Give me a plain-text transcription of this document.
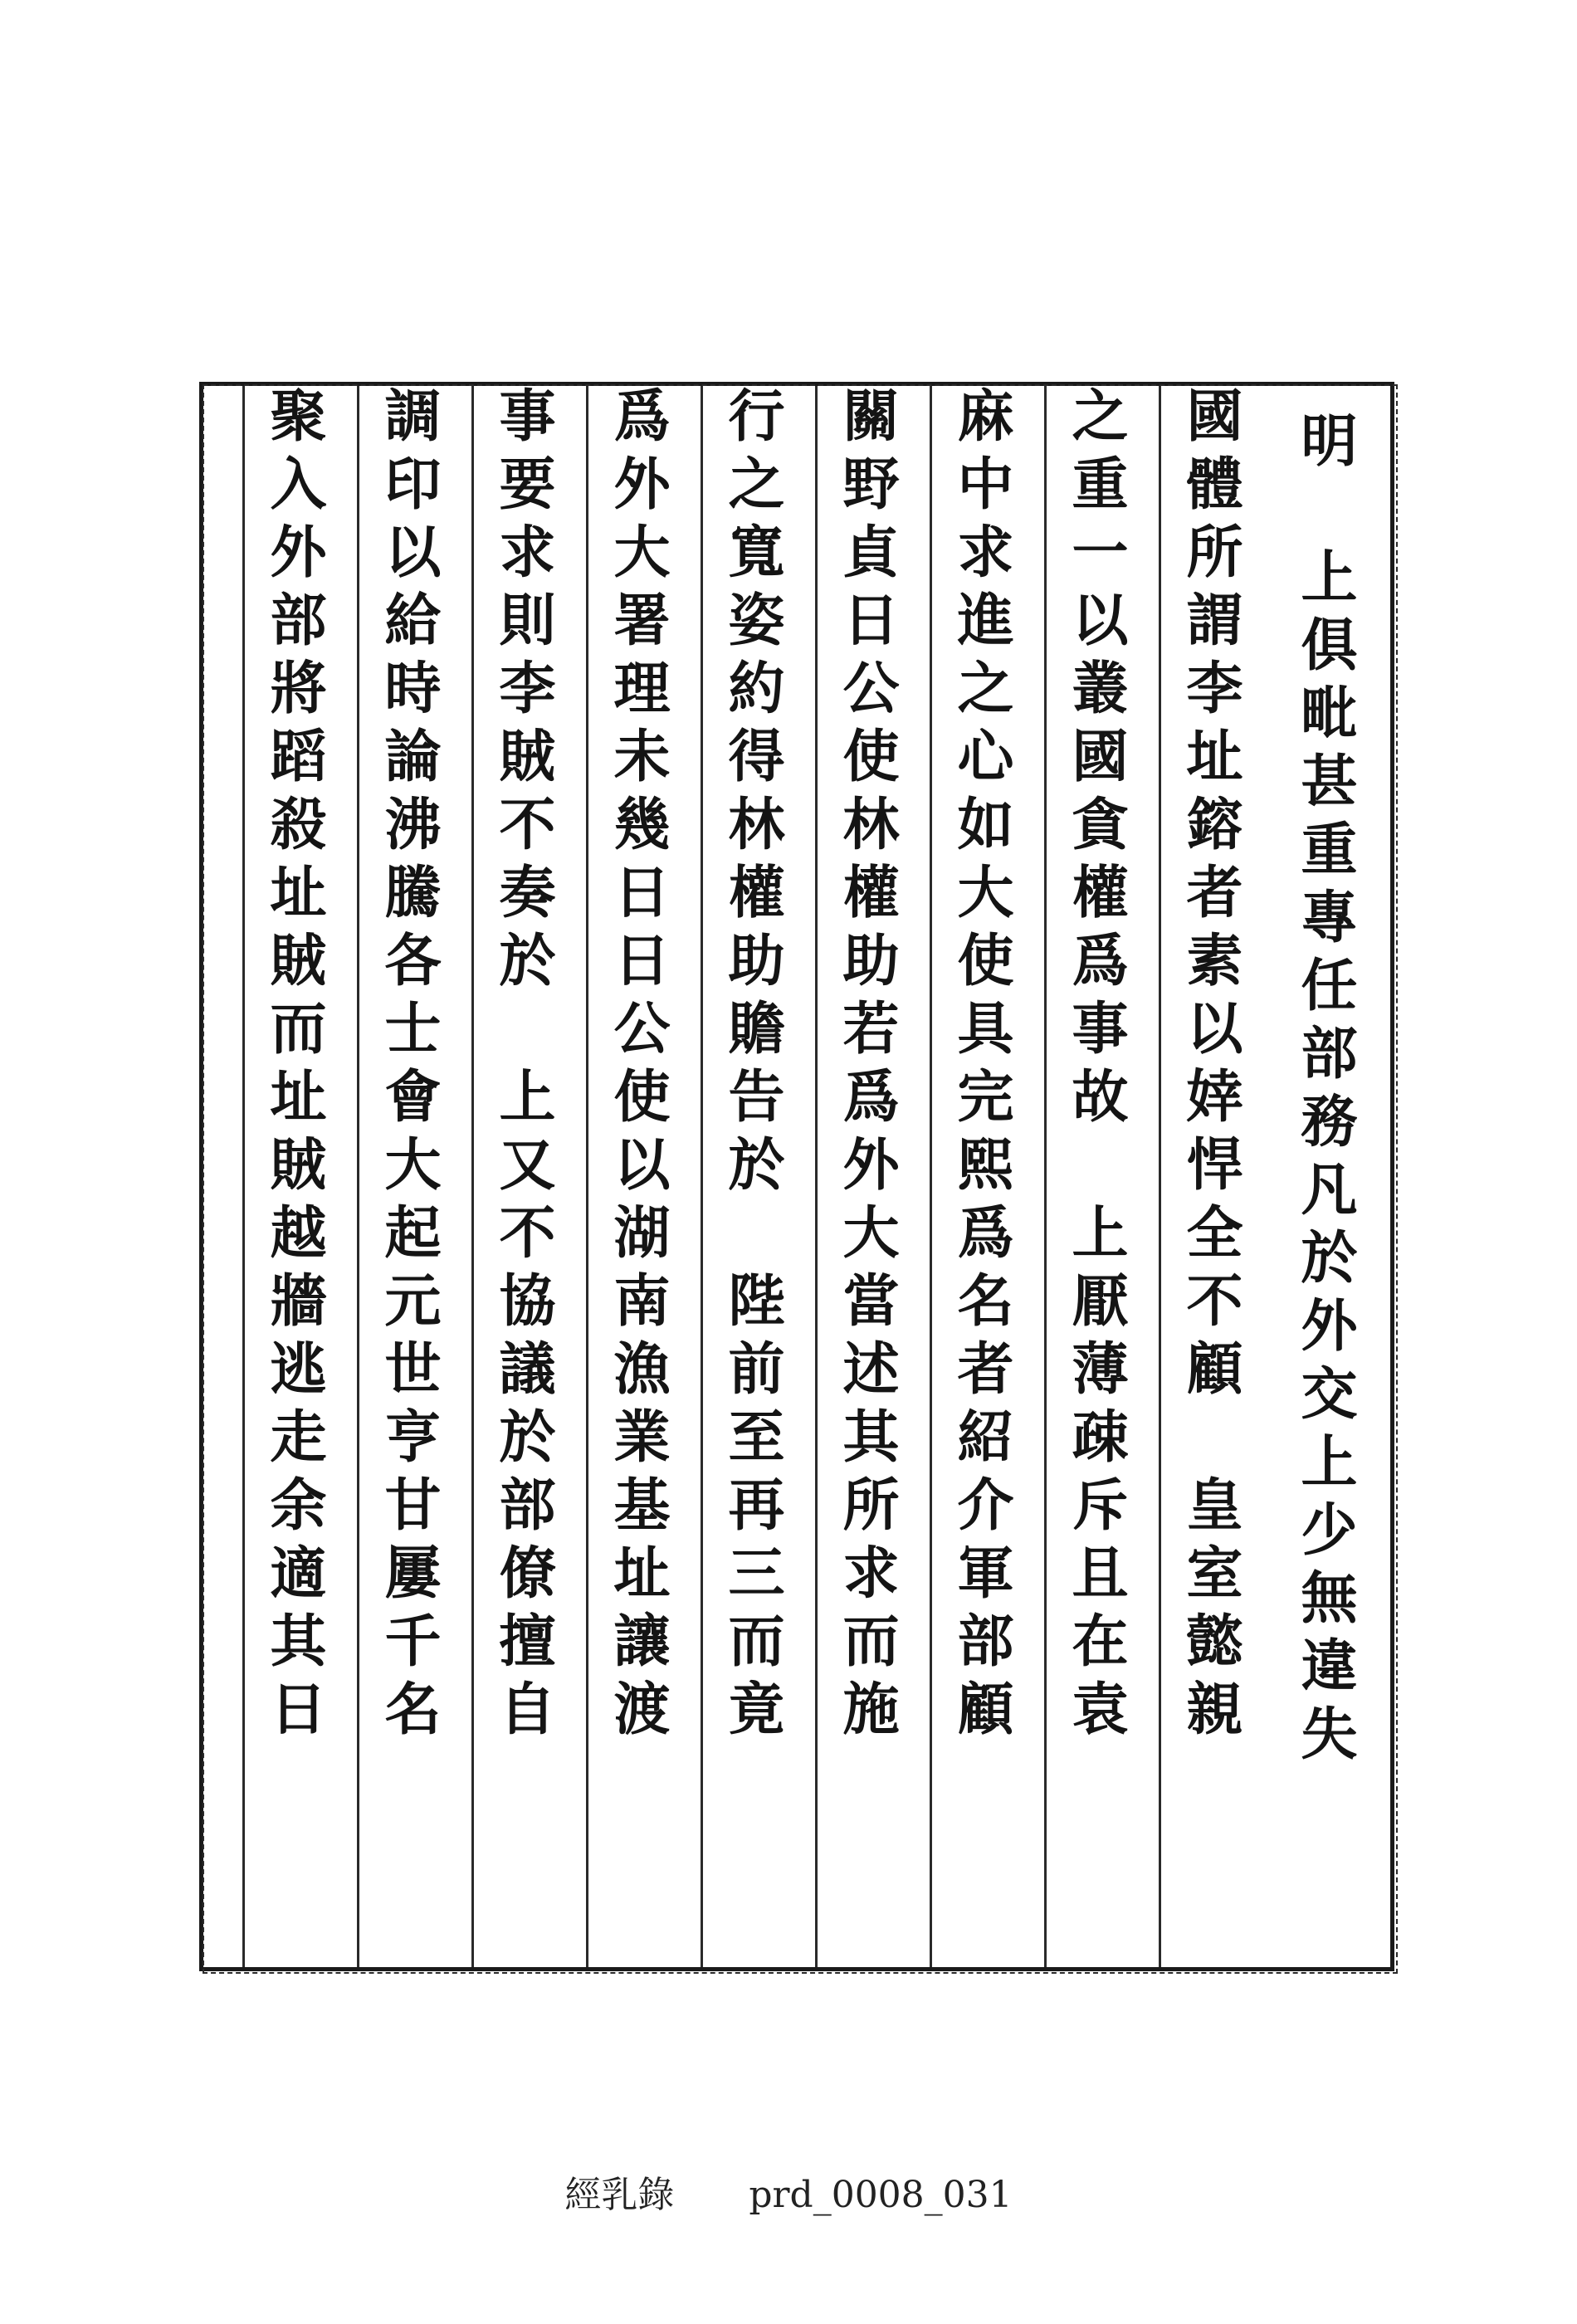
明　上俱毗甚重專任部務凡於外交上少無違失
國體所謂李址鎔者素以婞悍全不顧　皇室懿親
之重一以叢國貪權爲事故　上厭薄疎斥且在袁
麻中求進之心如大使具完熙爲名者紹介軍部顧
關野貞日公使林權助若爲外大當述其所求而施
行之寬姿約得林權助贍告於　陛前至再三而竟
爲外大署理未幾日日公使以湖南漁業基址讓渡
事要求則李賊不奏於　上又不協議於部僚擅自
調印以給時論沸騰各士會大起元世亨甘屢千名
聚入外部將蹈殺址賊而址賊越牆逃走余適其日
經乳錄 prd_0008_031
